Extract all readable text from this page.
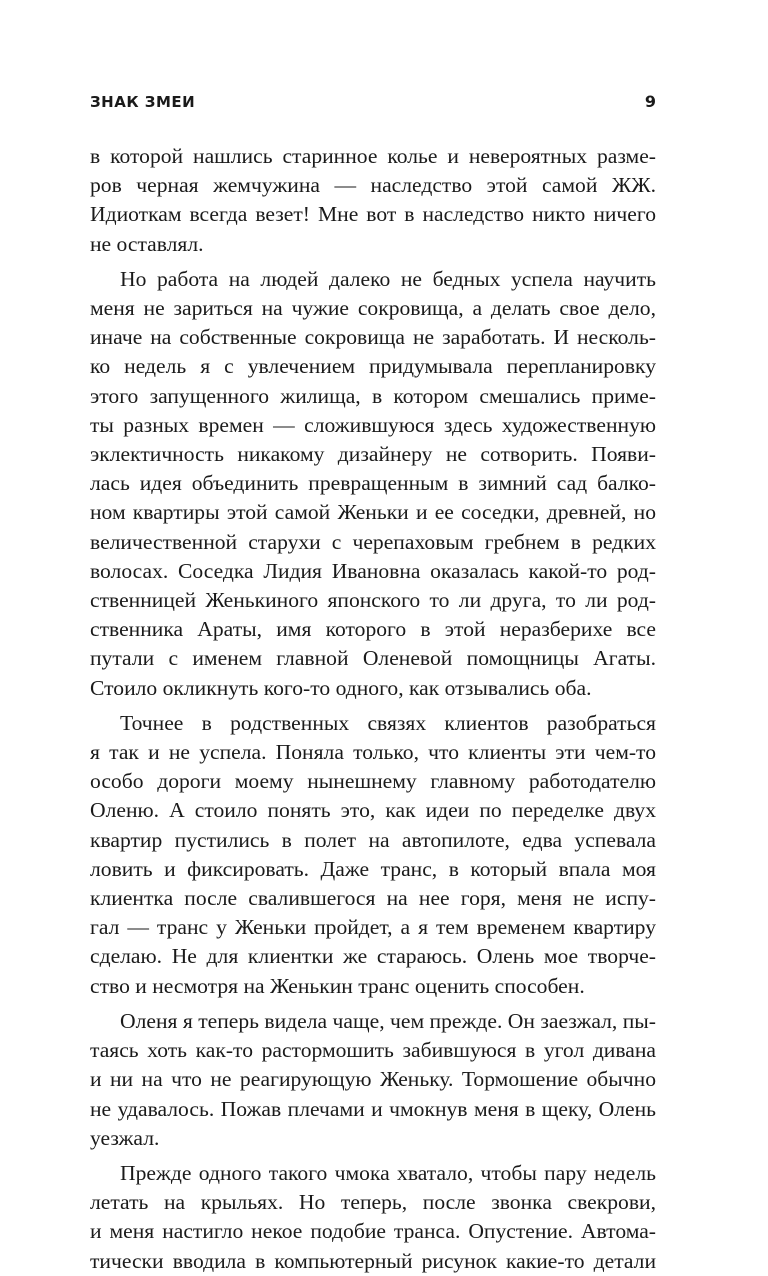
ЗНАК ЗМЕИ	9

в которой нашлись старинное колье и невероятных разме-
ров черная жемчужина — наследство этой самой ЖЖ.
Идиоткам всегда везет! Мне вот в наследство никто ничего
не оставлял.

Но работа на людей далеко не бедных успела научить
меня не зариться на чужие сокровища, а делать свое дело,
иначе на собственные сокровища не заработать. И несколь-
ко недель я с увлечением придумывала перепланировку
этого запущенного жилища, в котором смешались приме-
ты разных времен — сложившуюся здесь художественную
эклектичность никакому дизайнеру не сотворить. Появи-
лась идея объединить превращенным в зимний сад балко-
ном квартиры этой самой Женьки и ее соседки, древней, но
величественной старухи с черепаховым гребнем в редких
волосах. Соседка Лидия Ивановна оказалась какой-то род-
ственницей Женькиного японского то ли друга, то ли род-
ственника Араты, имя которого в этой неразберихе все
путали с именем главной Оленевой помощницы Агаты.
Стоило окликнуть кого-то одного, как отзывались оба.

Точнее в родственных связях клиентов разобраться
я так и не успела. Поняла только, что клиенты эти чем-то
особо дороги моему нынешнему главному работодателю
Оленю. А стоило понять это, как идеи по переделке двух
квартир пустились в полет на автопилоте, едва успевала
ловить и фиксировать. Даже транс, в который впала моя
клиентка после свалившегося на нее горя, меня не испу-
гал — транс у Женьки пройдет, а я тем временем квартиру
сделаю. Не для клиентки же стараюсь. Олень мое творче-
ство и несмотря на Женькин транс оценить способен.

Оленя я теперь видела чаще, чем прежде. Он заезжал, пы-
таясь хоть как-то растормошить забившуюся в угол дивана
и ни на что не реагирующую Женьку. Тормошение обычно
не удавалось. Пожав плечами и чмокнув меня в щеку, Олень
уезжал.

Прежде одного такого чмока хватало, чтобы пару недель
летать на крыльях. Но теперь, после звонка свекрови,
и меня настигло некое подобие транса. Опустение. Автома-
тически вводила в компьютерный рисунок какие-то детали
